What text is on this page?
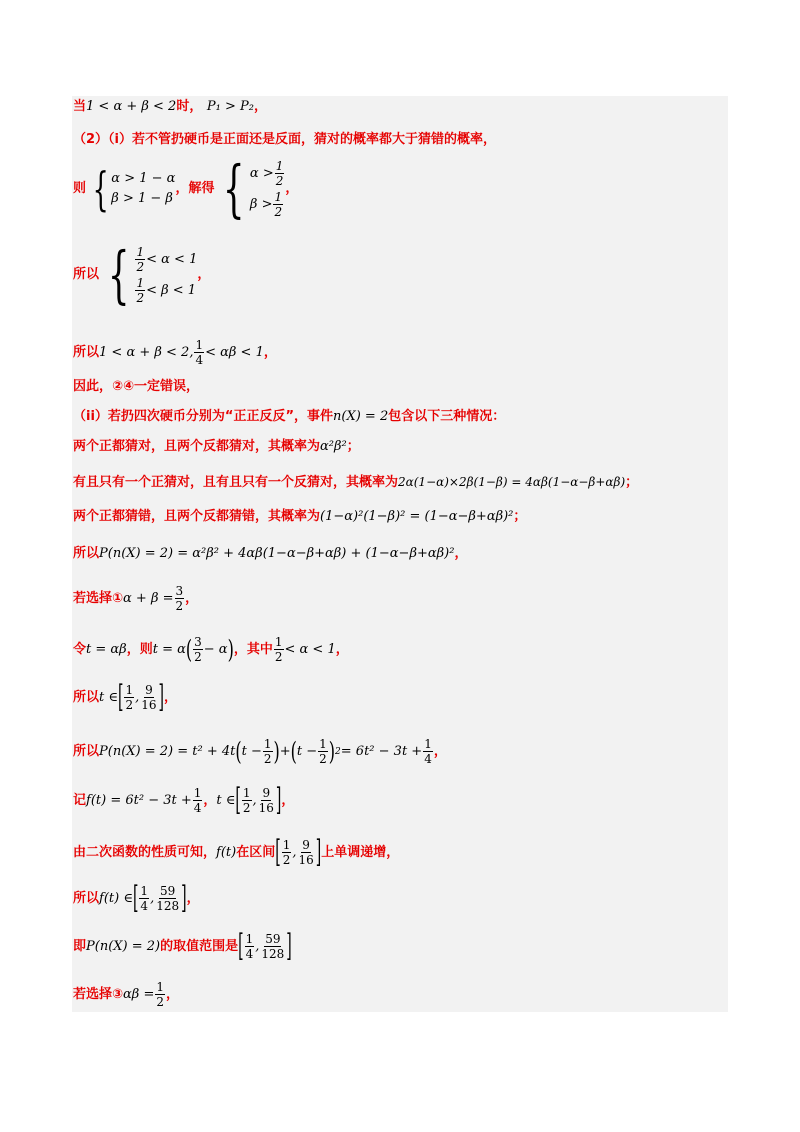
当1 < α + β < 2时， P₁ > P₂，
（2）（i）若不管扔硬币是正面还是反面，猜对的概率都大于猜错的概率，
则 { α > 1 − α
β > 1 − β
，解得 { $\alpha > \frac{1}{2}$
$\beta > \frac{1}{2}$
，
所以 { $\frac{1}{2} < \alpha < 1$
$\frac{1}{2} < \beta < 1$
，
所以 1 < α + β < 2, $\frac{1}{4} < \alpha\beta < 1$ ，
因此，②④一定错误，
（ii）若扔四次硬币分别为“正正反反”，事件n(X) = 2包含以下三种情况：
两个正都猜对，且两个反都猜对，其概率为α²β²；
有且只有一个正猜对，且有且只有一个反猜对，其概率为2α(1−α)×2β(1−β) = 4αβ(1−α−β+αβ)；
两个正都猜错，且两个反都猜错，其概率为(1−α)²(1−β)² = (1−α−β+αβ)²；
所以P(n(X) = 2) = α²β² + 4αβ(1−α−β+αβ) + (1−α−β+αβ)²，
若选择① $\alpha + \beta = \frac{3}{2}$ ，
令 t = αβ ，则 t = α ( $\frac{3}{2} - \alpha$ ) ，其中 $\frac{1}{2} < \alpha < 1$ ，
所以 t ∈ [ $\frac{1}{2}$ , $\frac{9}{16}$ ] ，
所以 P(n(X) = 2) = t² + 4t ( $t - \frac{1}{2}$ ) + ( $t - \frac{1}{2}$ ) $2 = 6t^2 - 3t + \frac{1}{4}$ ，
记 $f(t) = 6t^2 - 3t + \frac{1}{4}$ ， t ∈ [ $\frac{1}{2}$ , $\frac{9}{16}$ ] ，
由二次函数的性质可知， f(t) 在区间 [ $\frac{1}{2}$ , $\frac{9}{16}$ ] 上单调递增，
所以 f(t) ∈ [ $\frac{1}{4}$ , $\frac{59}{128}$ ] ，
即 P(n(X) = 2) 的取值范围是 [ $\frac{1}{4}$ , $\frac{59}{128}$ ]
若选择③ $\alpha\beta = \frac{1}{2}$ ，
